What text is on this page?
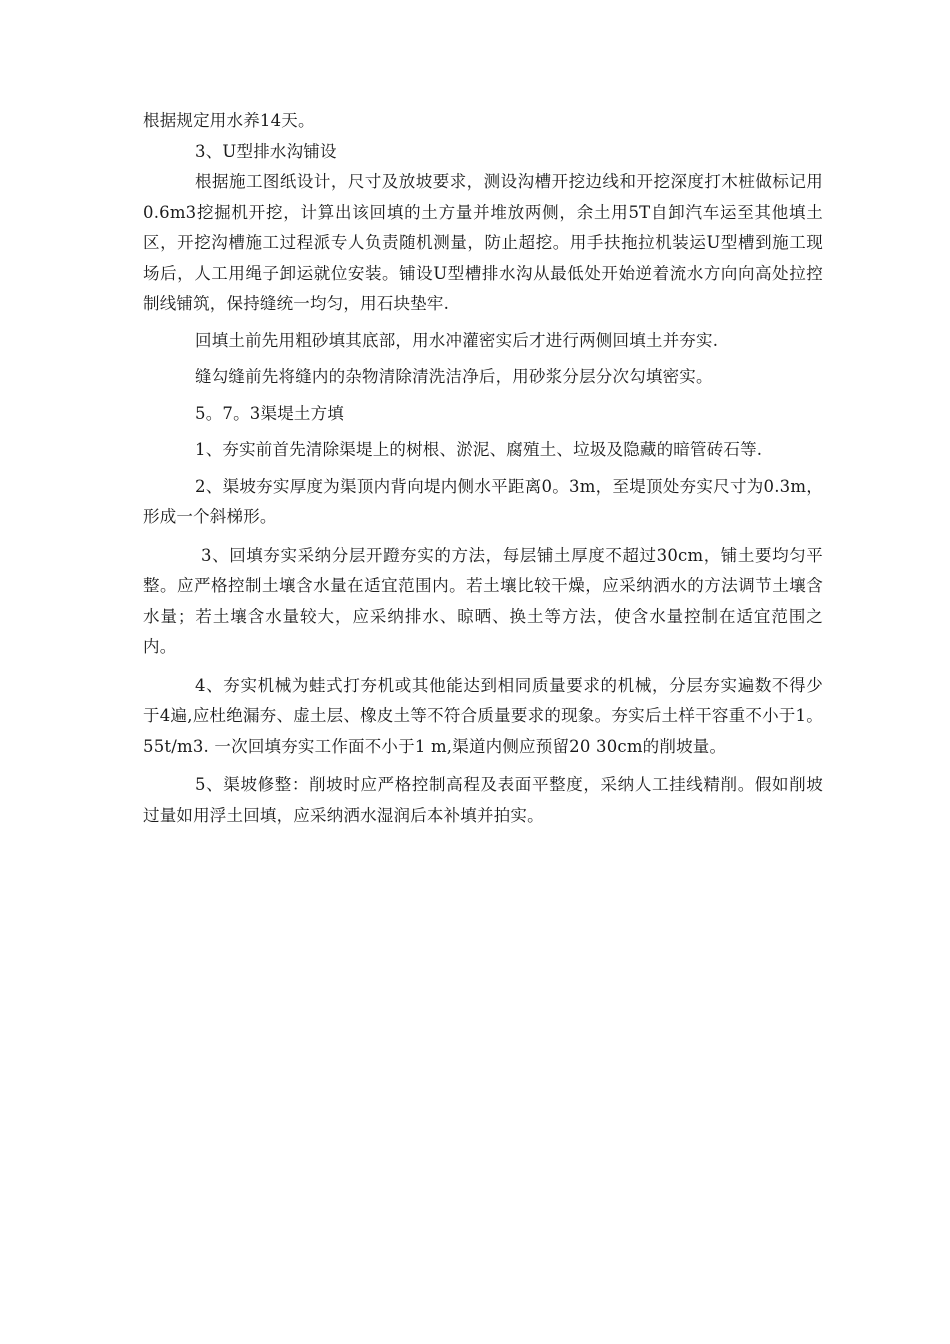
根据规定用水养14天。

3、U型排水沟铺设

根据施工图纸设计，尺寸及放坡要求，测设沟槽开挖边线和开挖深度打木桩做标记用0.6m3挖掘机开挖，计算出该回填的土方量并堆放两侧，余土用5T自卸汽车运至其他填土区，开挖沟槽施工过程派专人负责随机测量，防止超挖。用手扶拖拉机装运U型槽到施工现场后，人工用绳子卸运就位安装。铺设U型槽排水沟从最低处开始逆着流水方向向高处拉控制线铺筑，保持缝统一均匀，用石块垫牢.

回填土前先用粗砂填其底部，用水冲灌密实后才进行两侧回填土并夯实.

缝勾缝前先将缝内的杂物清除清洗洁净后，用砂浆分层分次勾填密实。

5。7。3渠堤土方填

1、夯实前首先清除渠堤上的树根、淤泥、腐殖土、垃圾及隐藏的暗管砖石等.

2、渠坡夯实厚度为渠顶内背向堤内侧水平距离0。3m，至堤顶处夯实尺寸为0.3m，形成一个斜梯形。

3、回填夯实采纳分层开蹬夯实的方法，每层铺土厚度不超过30cm，铺土要均匀平整。应严格控制土壤含水量在适宜范围内。若土壤比较干燥，应采纳洒水的方法调节土壤含水量；若土壤含水量较大，应采纳排水、晾晒、换土等方法，使含水量控制在适宜范围之内。

4、夯实机械为蛙式打夯机或其他能达到相同质量要求的机械，分层夯实遍数不得少于4遍,应杜绝漏夯、虚土层、橡皮土等不符合质量要求的现象。夯实后土样干容重不小于1。55t/m3. 一次回填夯实工作面不小于1 m,渠道内侧应预留20 30cm的削坡量。

5、渠坡修整：削坡时应严格控制高程及表面平整度，采纳人工挂线精削。假如削坡过量如用浮土回填，应采纳洒水湿润后本补填并拍实。
